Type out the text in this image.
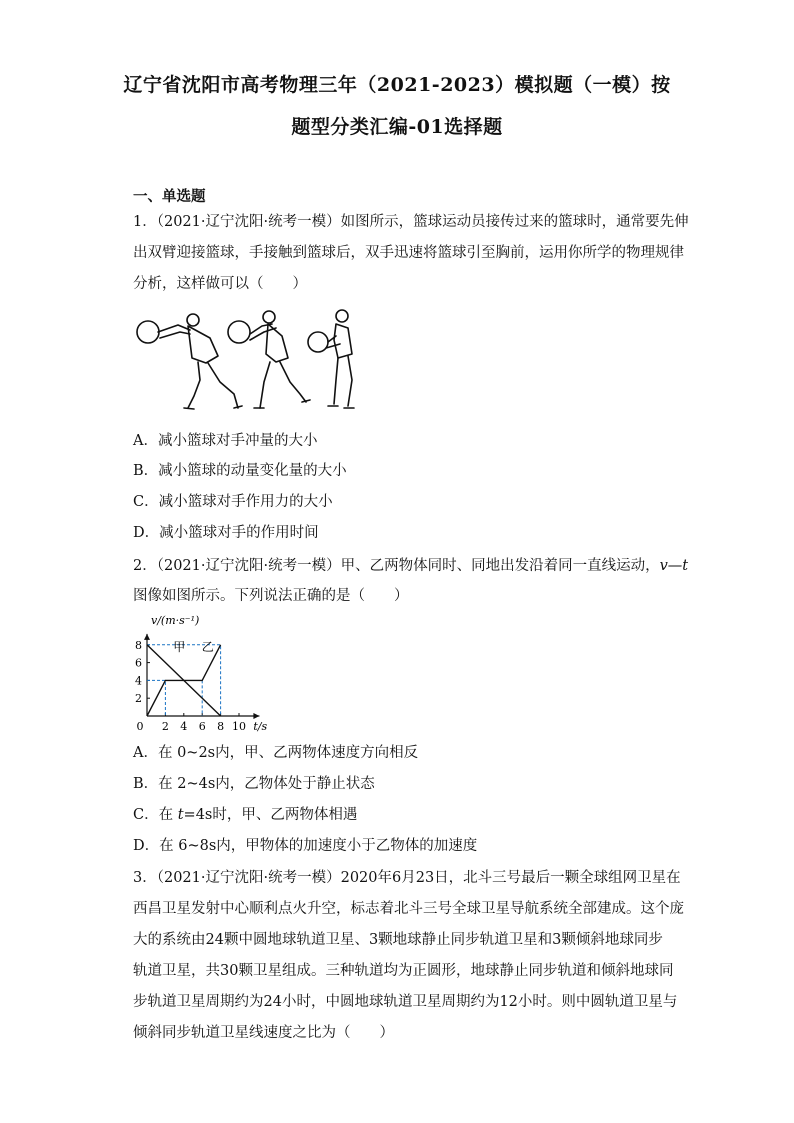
辽宁省沈阳市高考物理三年（2021-2023）模拟题（一模）按
题型分类汇编-01选择题
一、单选题
1．（2021·辽宁沈阳·统考一模）如图所示，篮球运动员接传过来的篮球时，通常要先伸
出双臂迎接篮球，手接触到篮球后，双手迅速将篮球引至胸前，运用你所学的物理规律
分析，这样做可以（　　）
A．减小篮球对手冲量的大小
B．减小篮球的动量变化量的大小
C．减小篮球对手作用力的大小
D．减小篮球对手的作用时间
2．（2021·辽宁沈阳·统考一模）甲、乙两物体同时、同地出发沿着同一直线运动，v—t
图像如图所示。下列说法正确的是（　　）
2
4
6
8
2 4 6 8 10
0
v/(m·s⁻¹)
t/s
甲 乙
A．在 0~2s内，甲、乙两物体速度方向相反
B．在 2~4s内，乙物体处于静止状态
C．在 t=4s时，甲、乙两物体相遇
D．在 6~8s内，甲物体的加速度小于乙物体的加速度
3．（2021·辽宁沈阳·统考一模）2020年6月23日，北斗三号最后一颗全球组网卫星在
西昌卫星发射中心顺利点火升空，标志着北斗三号全球卫星导航系统全部建成。这个庞
大的系统由24颗中圆地球轨道卫星、3颗地球静止同步轨道卫星和3颗倾斜地球同步
轨道卫星，共30颗卫星组成。三种轨道均为正圆形，地球静止同步轨道和倾斜地球同
步轨道卫星周期约为24小时，中圆地球轨道卫星周期约为12小时。则中圆轨道卫星与
倾斜同步轨道卫星线速度之比为（　　）
